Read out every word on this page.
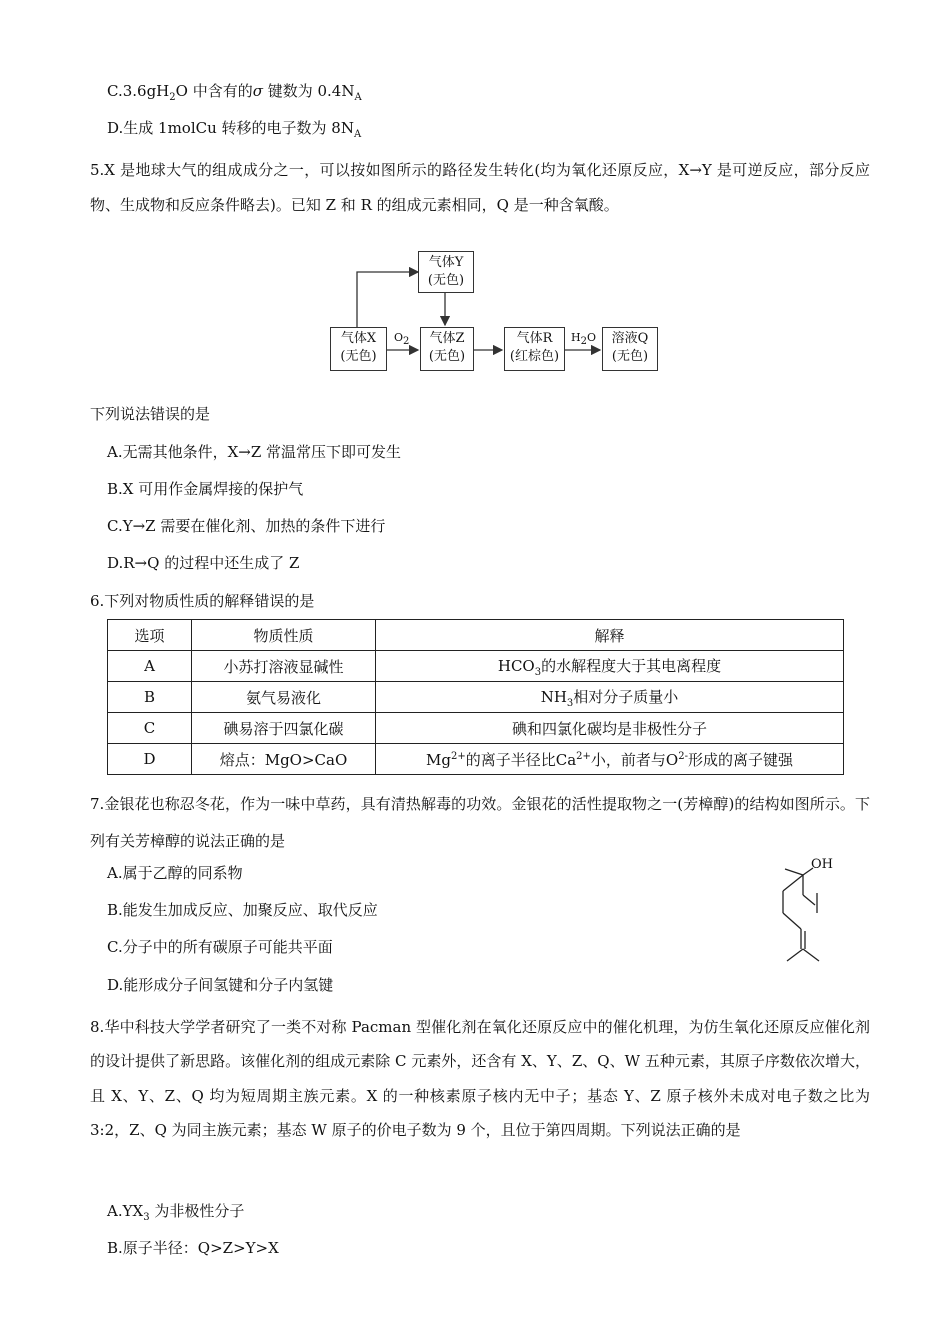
$C.3.6gH_2O$ 中含有的σ 键数为 $0.4N_A$
D.生成 1molCu 转移的电子数为 $8N_A$
5.X 是地球大气的组成成分之一，可以按如图所示的路径发生转化(均为氧化还原反应，X→Y 是可逆反应，部分反应物、生成物和反应条件略去)。已知 Z 和 R 的组成元素相同，Q 是一种含氧酸。
气体Y
(无色)
气体X
(无色)
气体Z
(无色)
气体R
(红棕色)
溶液Q
(无色)
$O_2$	$H_2O$
下列说法错误的是
A.无需其他条件，X→Z 常温常压下即可发生
B.X 可用作金属焊接的保护气
C.Y→Z 需要在催化剂、加热的条件下进行
D.R→Q 的过程中还生成了 Z
6.下列对物质性质的解释错误的是
选项	物质性质	解释
A	小苏打溶液显碱性	$HCO_3$的水解程度大于其电离程度
B	氨气易液化	$NH_3$相对分子质量小
C	碘易溶于四氯化碳	碘和四氯化碳均是非极性分子
D	熔点：MgO>CaO	$Mg^{2+}$的离子半径比$Ca^{2+}$小，前者与$O^{2-}$形成的离子键强
7.金银花也称忍冬花，作为一味中草药，具有清热解毒的功效。金银花的活性提取物之一(芳樟醇)的结构如图所示。下列有关芳樟醇的说法正确的是
A.属于乙醇的同系物
B.能发生加成反应、加聚反应、取代反应
C.分子中的所有碳原子可能共平面
D.能形成分子间氢键和分子内氢键
OH
8.华中科技大学学者研究了一类不对称 Pacman 型催化剂在氧化还原反应中的催化机理，为仿生氧化还原反应催化剂的设计提供了新思路。该催化剂的组成元素除 C 元素外，还含有 X、Y、Z、Q、W 五种元素，其原子序数依次增大，且 X、Y、Z、Q 均为短周期主族元素。X 的一种核素原子核内无中子；基态 Y、Z 原子核外未成对电子数之比为 3:2，Z、Q 为同主族元素；基态 W 原子的价电子数为 9 个，且位于第四周期。下列说法正确的是
$A.YX_3$ 为非极性分子
B.原子半径：Q>Z>Y>X
